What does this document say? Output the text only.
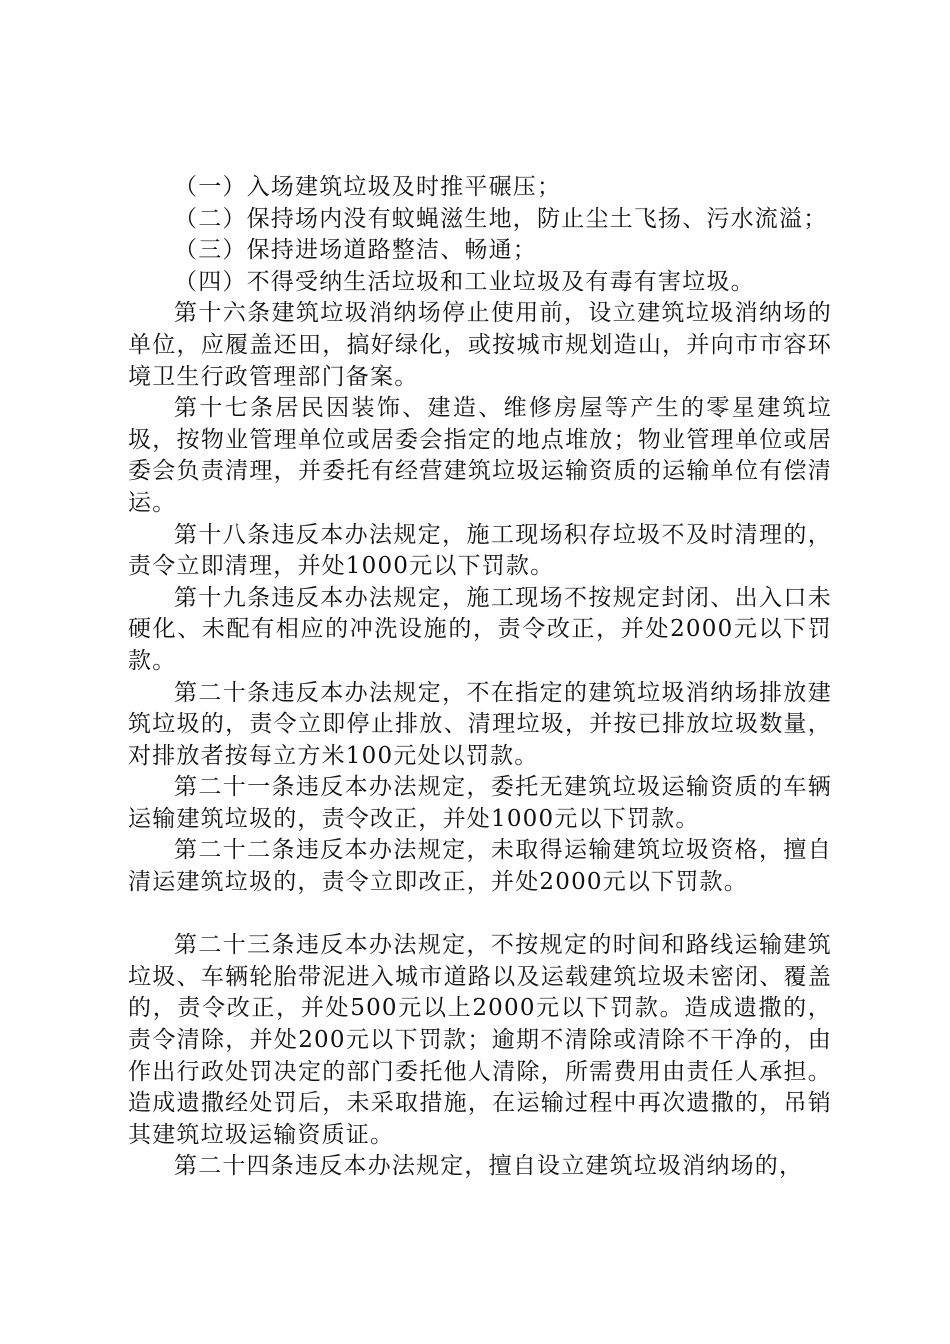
（一）入场建筑垃圾及时推平碾压；

（二）保持场内没有蚊蝇滋生地，防止尘土飞扬、污水流溢；

（三）保持进场道路整洁、畅通；

（四）不得受纳生活垃圾和工业垃圾及有毒有害垃圾。

第十六条建筑垃圾消纳场停止使用前，设立建筑垃圾消纳场的单位，应履盖还田，搞好绿化，或按城市规划造山，并向市市容环境卫生行政管理部门备案。

第十七条居民因装饰、建造、维修房屋等产生的零星建筑垃圾，按物业管理单位或居委会指定的地点堆放；物业管理单位或居委会负责清理，并委托有经营建筑垃圾运输资质的运输单位有偿清运。

第十八条违反本办法规定，施工现场积存垃圾不及时清理的，责令立即清理，并处1000元以下罚款。

第十九条违反本办法规定，施工现场不按规定封闭、出入口未硬化、未配有相应的冲洗设施的，责令改正，并处2000元以下罚款。

第二十条违反本办法规定，不在指定的建筑垃圾消纳场排放建筑垃圾的，责令立即停止排放、清理垃圾，并按已排放垃圾数量，对排放者按每立方米100元处以罚款。

第二十一条违反本办法规定，委托无建筑垃圾运输资质的车辆运输建筑垃圾的，责令改正，并处1000元以下罚款。

第二十二条违反本办法规定，未取得运输建筑垃圾资格，擅自清运建筑垃圾的，责令立即改正，并处2000元以下罚款。

第二十三条违反本办法规定，不按规定的时间和路线运输建筑垃圾、车辆轮胎带泥进入城市道路以及运载建筑垃圾未密闭、覆盖的，责令改正，并处500元以上2000元以下罚款。造成遗撒的，责令清除，并处200元以下罚款；逾期不清除或清除不干净的，由作出行政处罚决定的部门委托他人清除，所需费用由责任人承担。造成遗撒经处罚后，未采取措施，在运输过程中再次遗撒的，吊销其建筑垃圾运输资质证。

第二十四条违反本办法规定，擅自设立建筑垃圾消纳场的，
